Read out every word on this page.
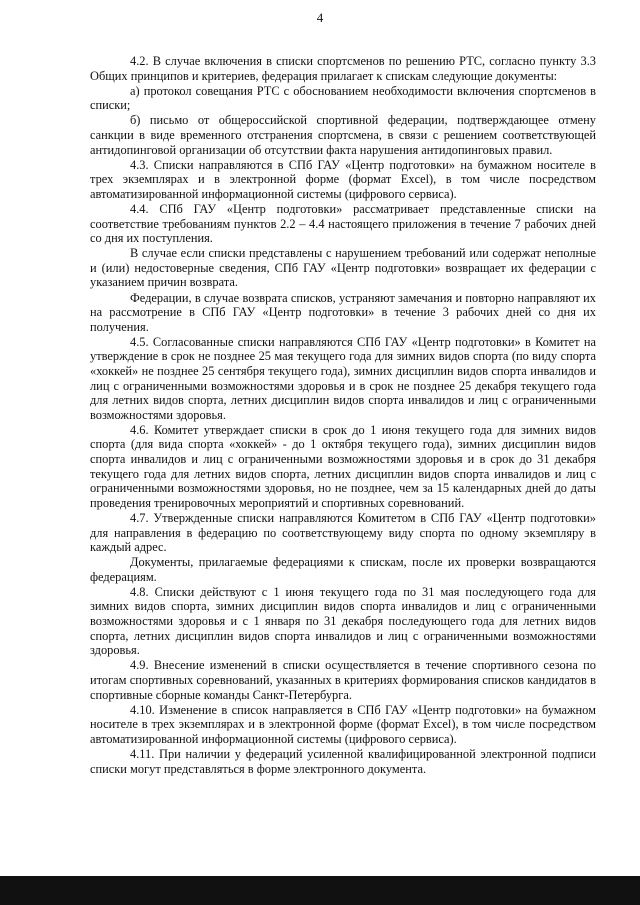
4

4.2. В случае включения в списки спортсменов по решению РТС, согласно пункту 3.3 Общих принципов и критериев, федерация прилагает к спискам следующие документы:

а) протокол совещания РТС с обоснованием необходимости включения спортсменов в списки;

б) письмо от общероссийской спортивной федерации, подтверждающее отмену санкции в виде временного отстранения спортсмена, в связи с решением соответствующей антидопинговой организации об отсутствии факта нарушения антидопинговых правил.

4.3. Списки направляются в СПб ГАУ «Центр подготовки» на бумажном носителе в трех экземплярах и в электронной форме (формат Excel), в том числе посредством автоматизированной информационной системы (цифрового сервиса).

4.4. СПб ГАУ «Центр подготовки» рассматривает представленные списки на соответствие требованиям пунктов 2.2 – 4.4 настоящего приложения в течение 7 рабочих дней со дня их поступления.

В случае если списки представлены с нарушением требований или содержат неполные и (или) недостоверные сведения, СПб ГАУ «Центр подготовки» возвращает их федерации с указанием причин возврата.

Федерации, в случае возврата списков, устраняют замечания и повторно направляют их на рассмотрение в СПб ГАУ «Центр подготовки» в течение 3 рабочих дней со дня их получения.

4.5. Согласованные списки направляются СПб ГАУ «Центр подготовки» в Комитет на утверждение в срок не позднее 25 мая текущего года для зимних видов спорта (по виду спорта «хоккей» не позднее 25 сентября текущего года), зимних дисциплин видов спорта инвалидов и лиц с ограниченными возможностями здоровья и в срок не позднее 25 декабря текущего года для летних видов спорта, летних дисциплин видов спорта инвалидов и лиц с ограниченными возможностями здоровья.

4.6. Комитет утверждает списки в срок до 1 июня текущего года для зимних видов спорта (для вида спорта «хоккей» - до 1 октября текущего года), зимних дисциплин видов спорта инвалидов и лиц с ограниченными возможностями здоровья и в срок до 31 декабря текущего года для летних видов спорта, летних дисциплин видов спорта инвалидов и лиц с ограниченными возможностями здоровья, но не позднее, чем за 15 календарных дней до даты проведения тренировочных мероприятий и спортивных соревнований.

4.7. Утвержденные списки направляются Комитетом в СПб ГАУ «Центр подготовки» для направления в федерацию по соответствующему виду спорта по одному экземпляру в каждый адрес.

Документы, прилагаемые федерациями к спискам, после их проверки возвращаются федерациям.

4.8. Списки действуют с 1 июня текущего года по 31 мая последующего года для зимних видов спорта, зимних дисциплин видов спорта инвалидов и лиц с ограниченными возможностями здоровья и с 1 января по 31 декабря последующего года для летних видов спорта, летних дисциплин видов спорта инвалидов и лиц с ограниченными возможностями здоровья.

4.9. Внесение изменений в списки осуществляется в течение спортивного сезона по итогам спортивных соревнований, указанных в критериях формирования списков кандидатов в спортивные сборные команды Санкт-Петербурга.

4.10. Изменение в список направляется в СПб ГАУ «Центр подготовки» на бумажном носителе в трех экземплярах и в электронной форме (формат Excel), в том числе посредством автоматизированной информационной системы (цифрового сервиса).

4.11. При наличии у федераций усиленной квалифицированной электронной подписи списки могут представляться в форме электронного документа.
